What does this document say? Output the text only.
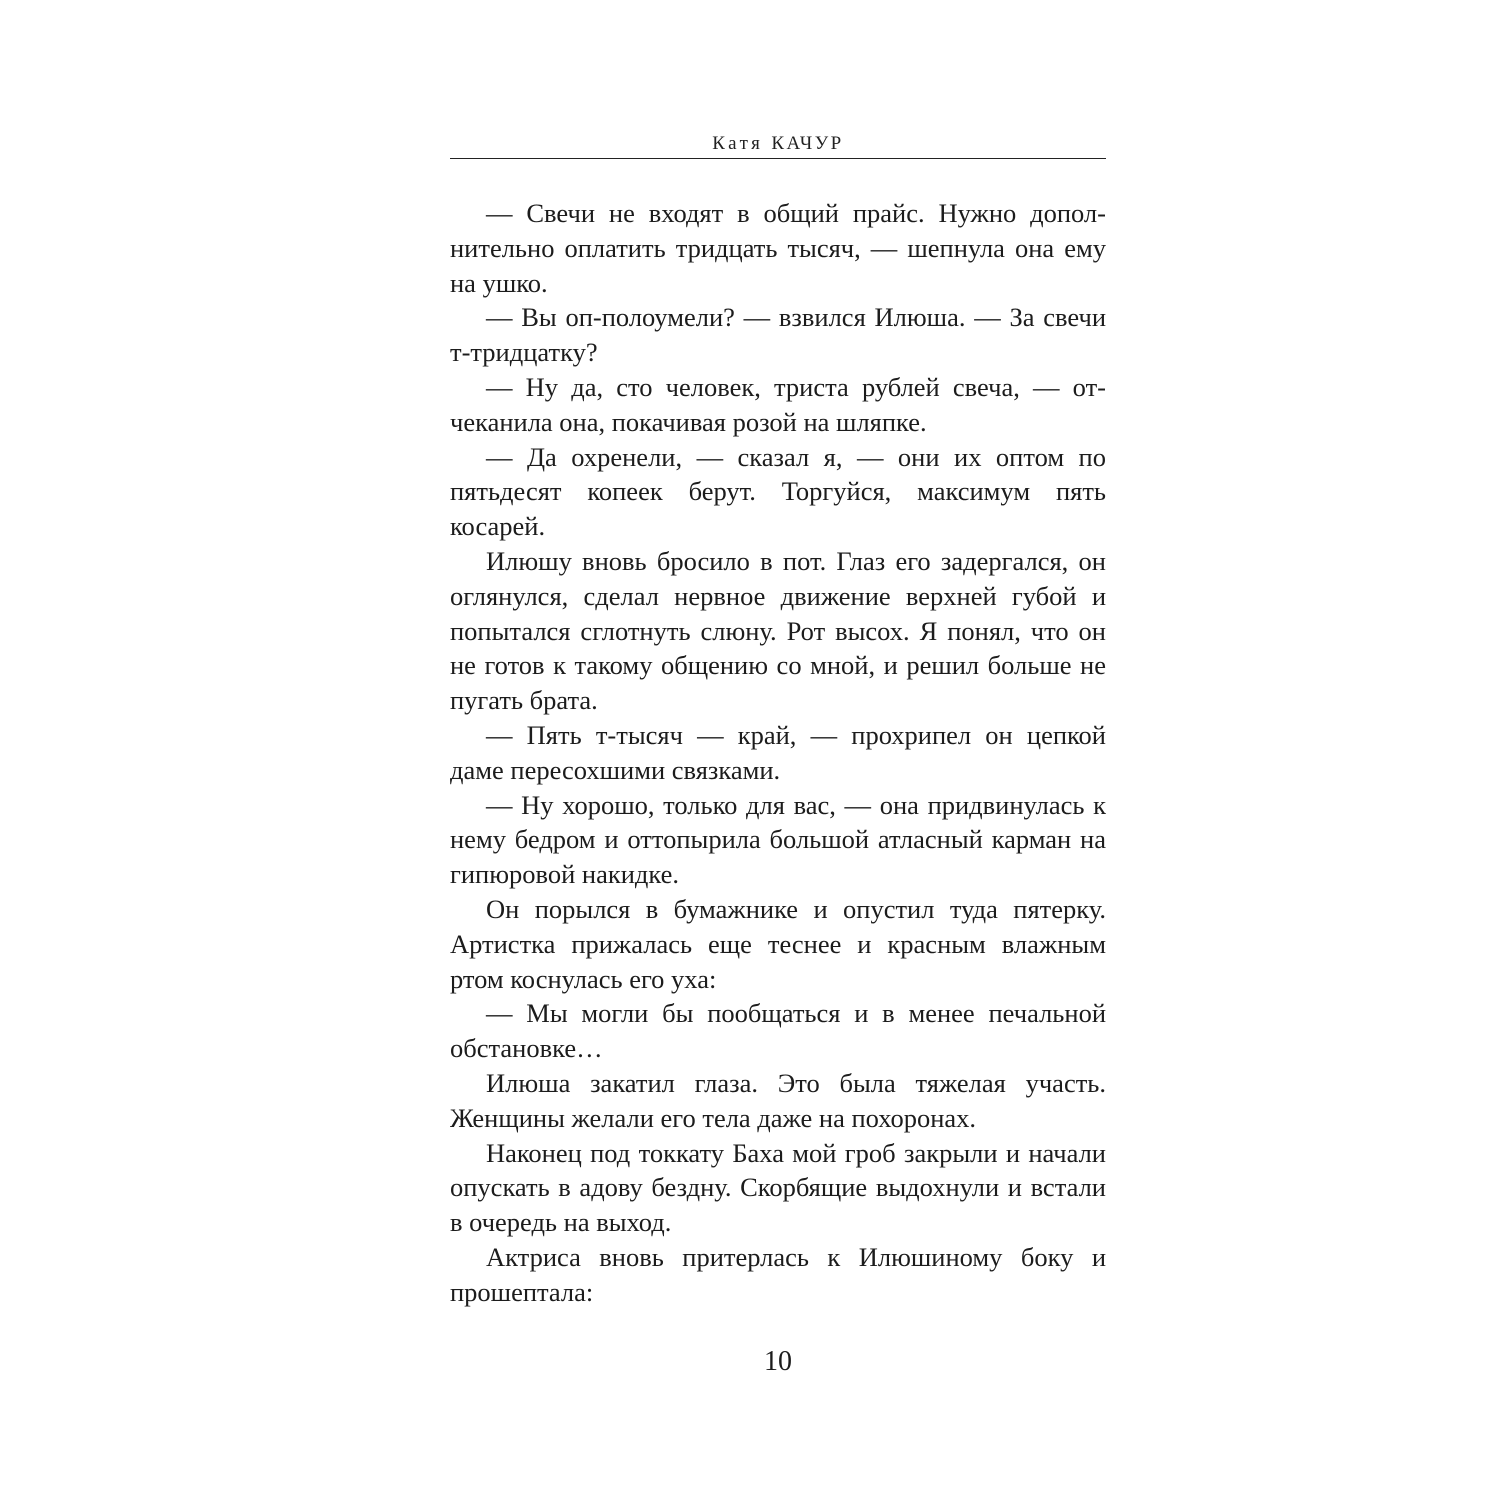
Катя КАЧУР

— Свечи не входят в общий прайс. Нужно дополнительно оплатить тридцать тысяч, — шепнула она ему на ушко.

— Вы оп-полоумели? — взвился Илюша. — За свечи т-тридцатку?

— Ну да, сто человек, триста рублей свеча, — отчеканила она, покачивая розой на шляпке.

— Да охренели, — сказал я, — они их оптом по пятьдесят копеек берут. Торгуйся, максимум пять косарей.

Илюшу вновь бросило в пот. Глаз его задергался, он оглянулся, сделал нервное движение верхней губой и попытался сглотнуть слюну. Рот высох. Я понял, что он не готов к такому общению со мной, и решил больше не пугать брата.

— Пять т-тысяч — край, — прохрипел он цепкой даме пересохшими связками.

— Ну хорошо, только для вас, — она придвинулась к нему бедром и оттопырила большой атласный карман на гипюровой накидке.

Он порылся в бумажнике и опустил туда пятерку. Артистка прижалась еще теснее и красным влажным ртом коснулась его уха:

— Мы могли бы пообщаться и в менее печальной обстановке…

Илюша закатил глаза. Это была тяжелая участь. Женщины желали его тела даже на похоронах.

Наконец под токкату Баха мой гроб закрыли и начали опускать в адову бездну. Скорбящие выдохнули и встали в очередь на выход.

Актриса вновь притерлась к Илюшиному боку и прошептала:

10
